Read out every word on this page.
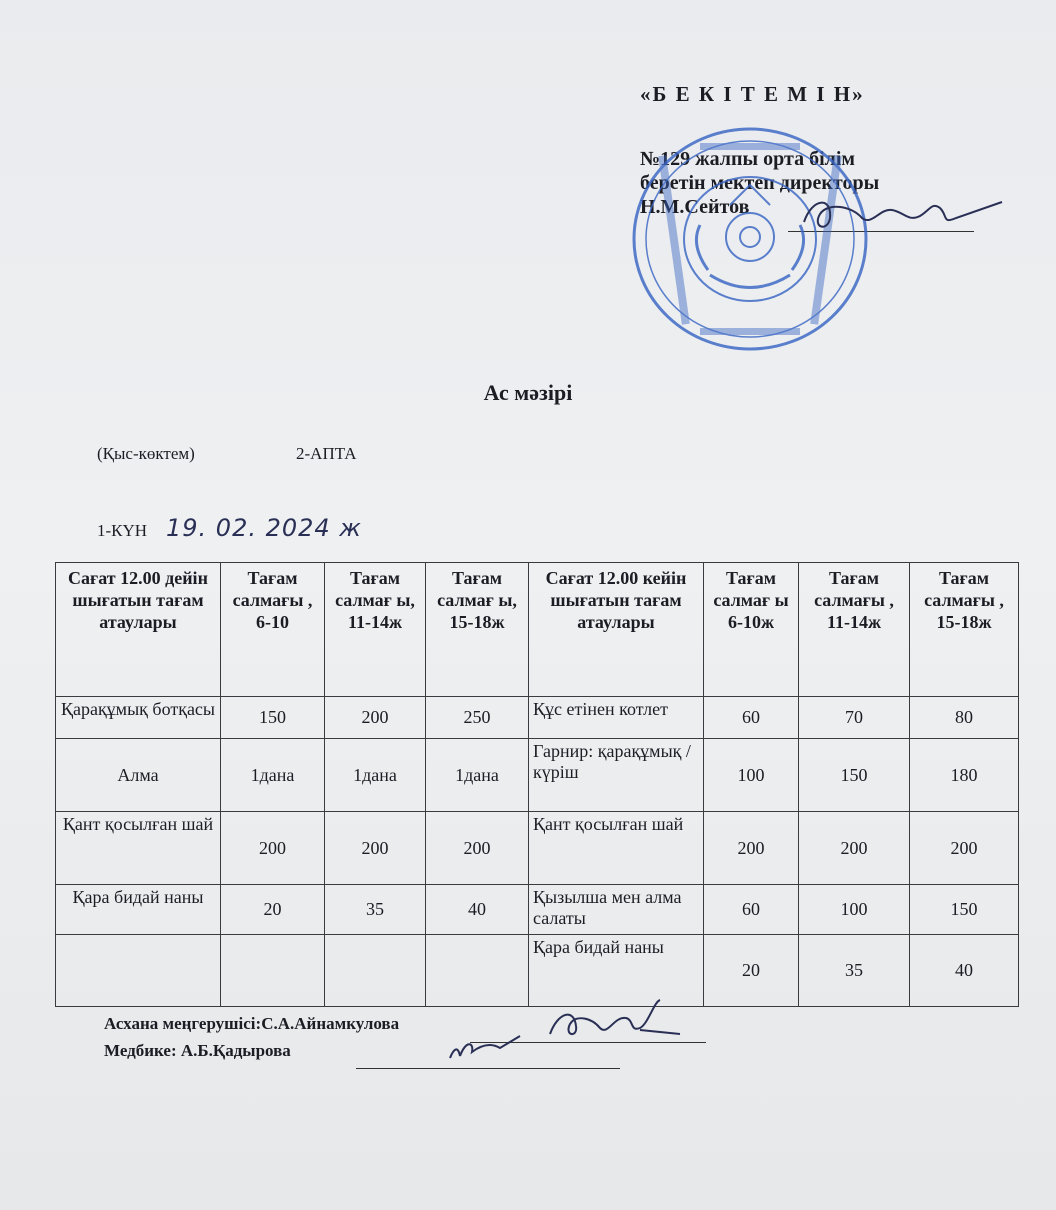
«Б Е К І Т Е М І Н»
№129 жалпы орта білім
беретін мектеп директоры
Н.М.Сейтов
Ас мәзірі
(Қыс-көктем)	2-АПТА
1-КҮН 19. 02. 2024 ж
Сағат 12.00 дейін шығатын тағам атаулары	Тағам салмағы , 6-10	Тағам салмағ ы, 11-14ж	Тағам салмағ ы, 15-18ж	Сағат 12.00 кейін шығатын тағам атаулары	Тағам салмағ ы 6-10ж	Тағам салмағы , 11-14ж	Тағам салмағы , 15-18ж
Қарақұмық ботқасы	150	200	250	Құс етінен котлет	60	70	80
Алма	1дана	1дана	1дана	Гарнир: қарақұмық / күріш	100	150	180
Қант қосылған шай	200	200	200	Қант қосылған шай	200	200	200
Қара бидай наны	20	35	40	Қызылша мен алма салаты	60	100	150
				Қара бидай наны	20	35	40
Асхана меңгерушісі:С.А.Айнамкулова
Медбике: А.Б.Қадырова
